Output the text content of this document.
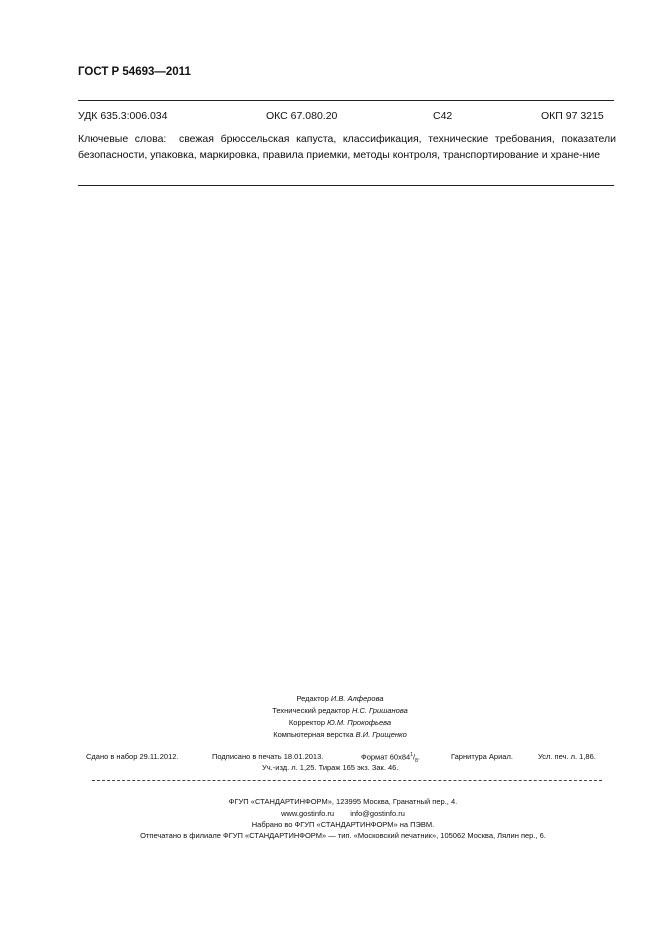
ГОСТ Р 54693—2011
УДК 635.3:006.034	ОКС 67.080.20	С42	ОКП 97 3215
Ключевые слова: свежая брюссельская капуста, классификация, технические требования, показатели безопасности, упаковка, маркировка, правила приемки, методы контроля, транспортирование и хране-ние
Редактор И.В. Алферова
Технический редактор Н.С. Гришанова
Корректор Ю.М. Прокофьева
Компьютерная верстка В.И. Грищенко
Сдано в набор 29.11.2012.	Подписано в печать 18.01.2013.	Формат $60x84^1/_8$.	Гарнитура Ариал.	Усл. печ. л. 1,86.
Уч.-изд. л. 1,25. Тираж 165 экз. Зак. 46.
ФГУП «СТАНДАРТИНФОРМ», 123995 Москва, Гранатный пер., 4.
www.gostinfo.ru info@gostinfo.ru
Набрано во ФГУП «СТАНДАРТИНФОРМ» на ПЭВМ.
Отпечатано в филиале ФГУП «СТАНДАРТИНФОРМ» — тип. «Московский печатник», 105062 Москва, Лялин пер., 6.
